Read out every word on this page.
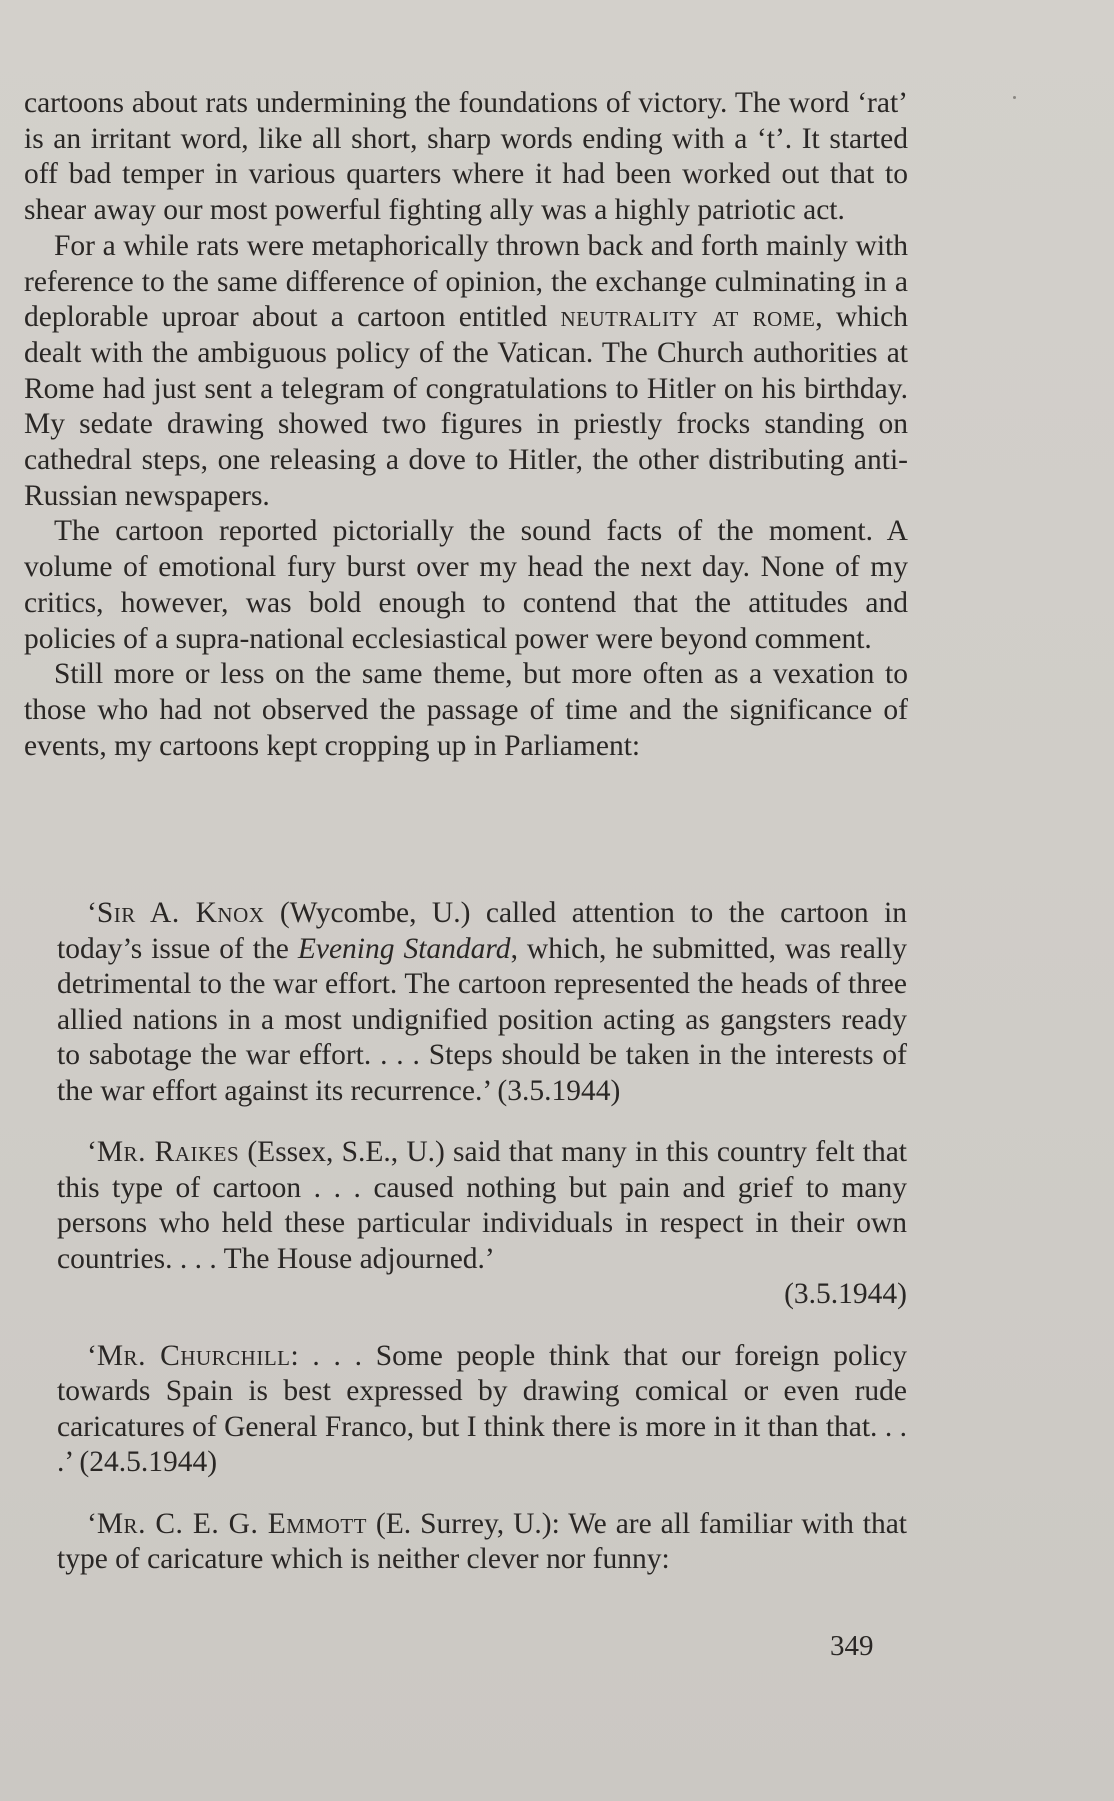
cartoons about rats undermining the foundations of victory. The word ‘rat’ is an irritant word, like all short, sharp words ending with a ‘t’. It started off bad temper in various quarters where it had been worked out that to shear away our most powerful fighting ally was a highly patriotic act.

For a while rats were metaphorically thrown back and forth mainly with reference to the same difference of opinion, the exchange culminating in a deplorable uproar about a cartoon entitled neutrality at rome, which dealt with the ambiguous policy of the Vatican. The Church authorities at Rome had just sent a telegram of congratulations to Hitler on his birthday. My sedate drawing showed two figures in priestly frocks standing on cathedral steps, one releasing a dove to Hitler, the other distributing anti-Russian newspapers.

The cartoon reported pictorially the sound facts of the moment. A volume of emotional fury burst over my head the next day. None of my critics, however, was bold enough to contend that the attitudes and policies of a supra-national ecclesiastical power were beyond comment.

Still more or less on the same theme, but more often as a vexation to those who had not observed the passage of time and the significance of events, my cartoons kept cropping up in Parliament:

‘Sir A. Knox (Wycombe, U.) called attention to the cartoon in today’s issue of the Evening Standard, which, he submitted, was really detrimental to the war effort. The cartoon represented the heads of three allied nations in a most undignified position acting as gangsters ready to sabotage the war effort. . . . Steps should be taken in the interests of the war effort against its recurrence.’ (3.5.1944)

‘Mr. Raikes (Essex, S.E., U.) said that many in this country felt that this type of cartoon . . . caused nothing but pain and grief to many persons who held these particular individuals in respect in their own countries. . . . The House adjourned.’
(3.5.1944)

‘Mr. Churchill: . . . Some people think that our foreign policy towards Spain is best expressed by drawing comical or even rude caricatures of General Franco, but I think there is more in it than that. . . .’ (24.5.1944)

‘Mr. C. E. G. Emmott (E. Surrey, U.): We are all familiar with that type of caricature which is neither clever nor funny:

349
